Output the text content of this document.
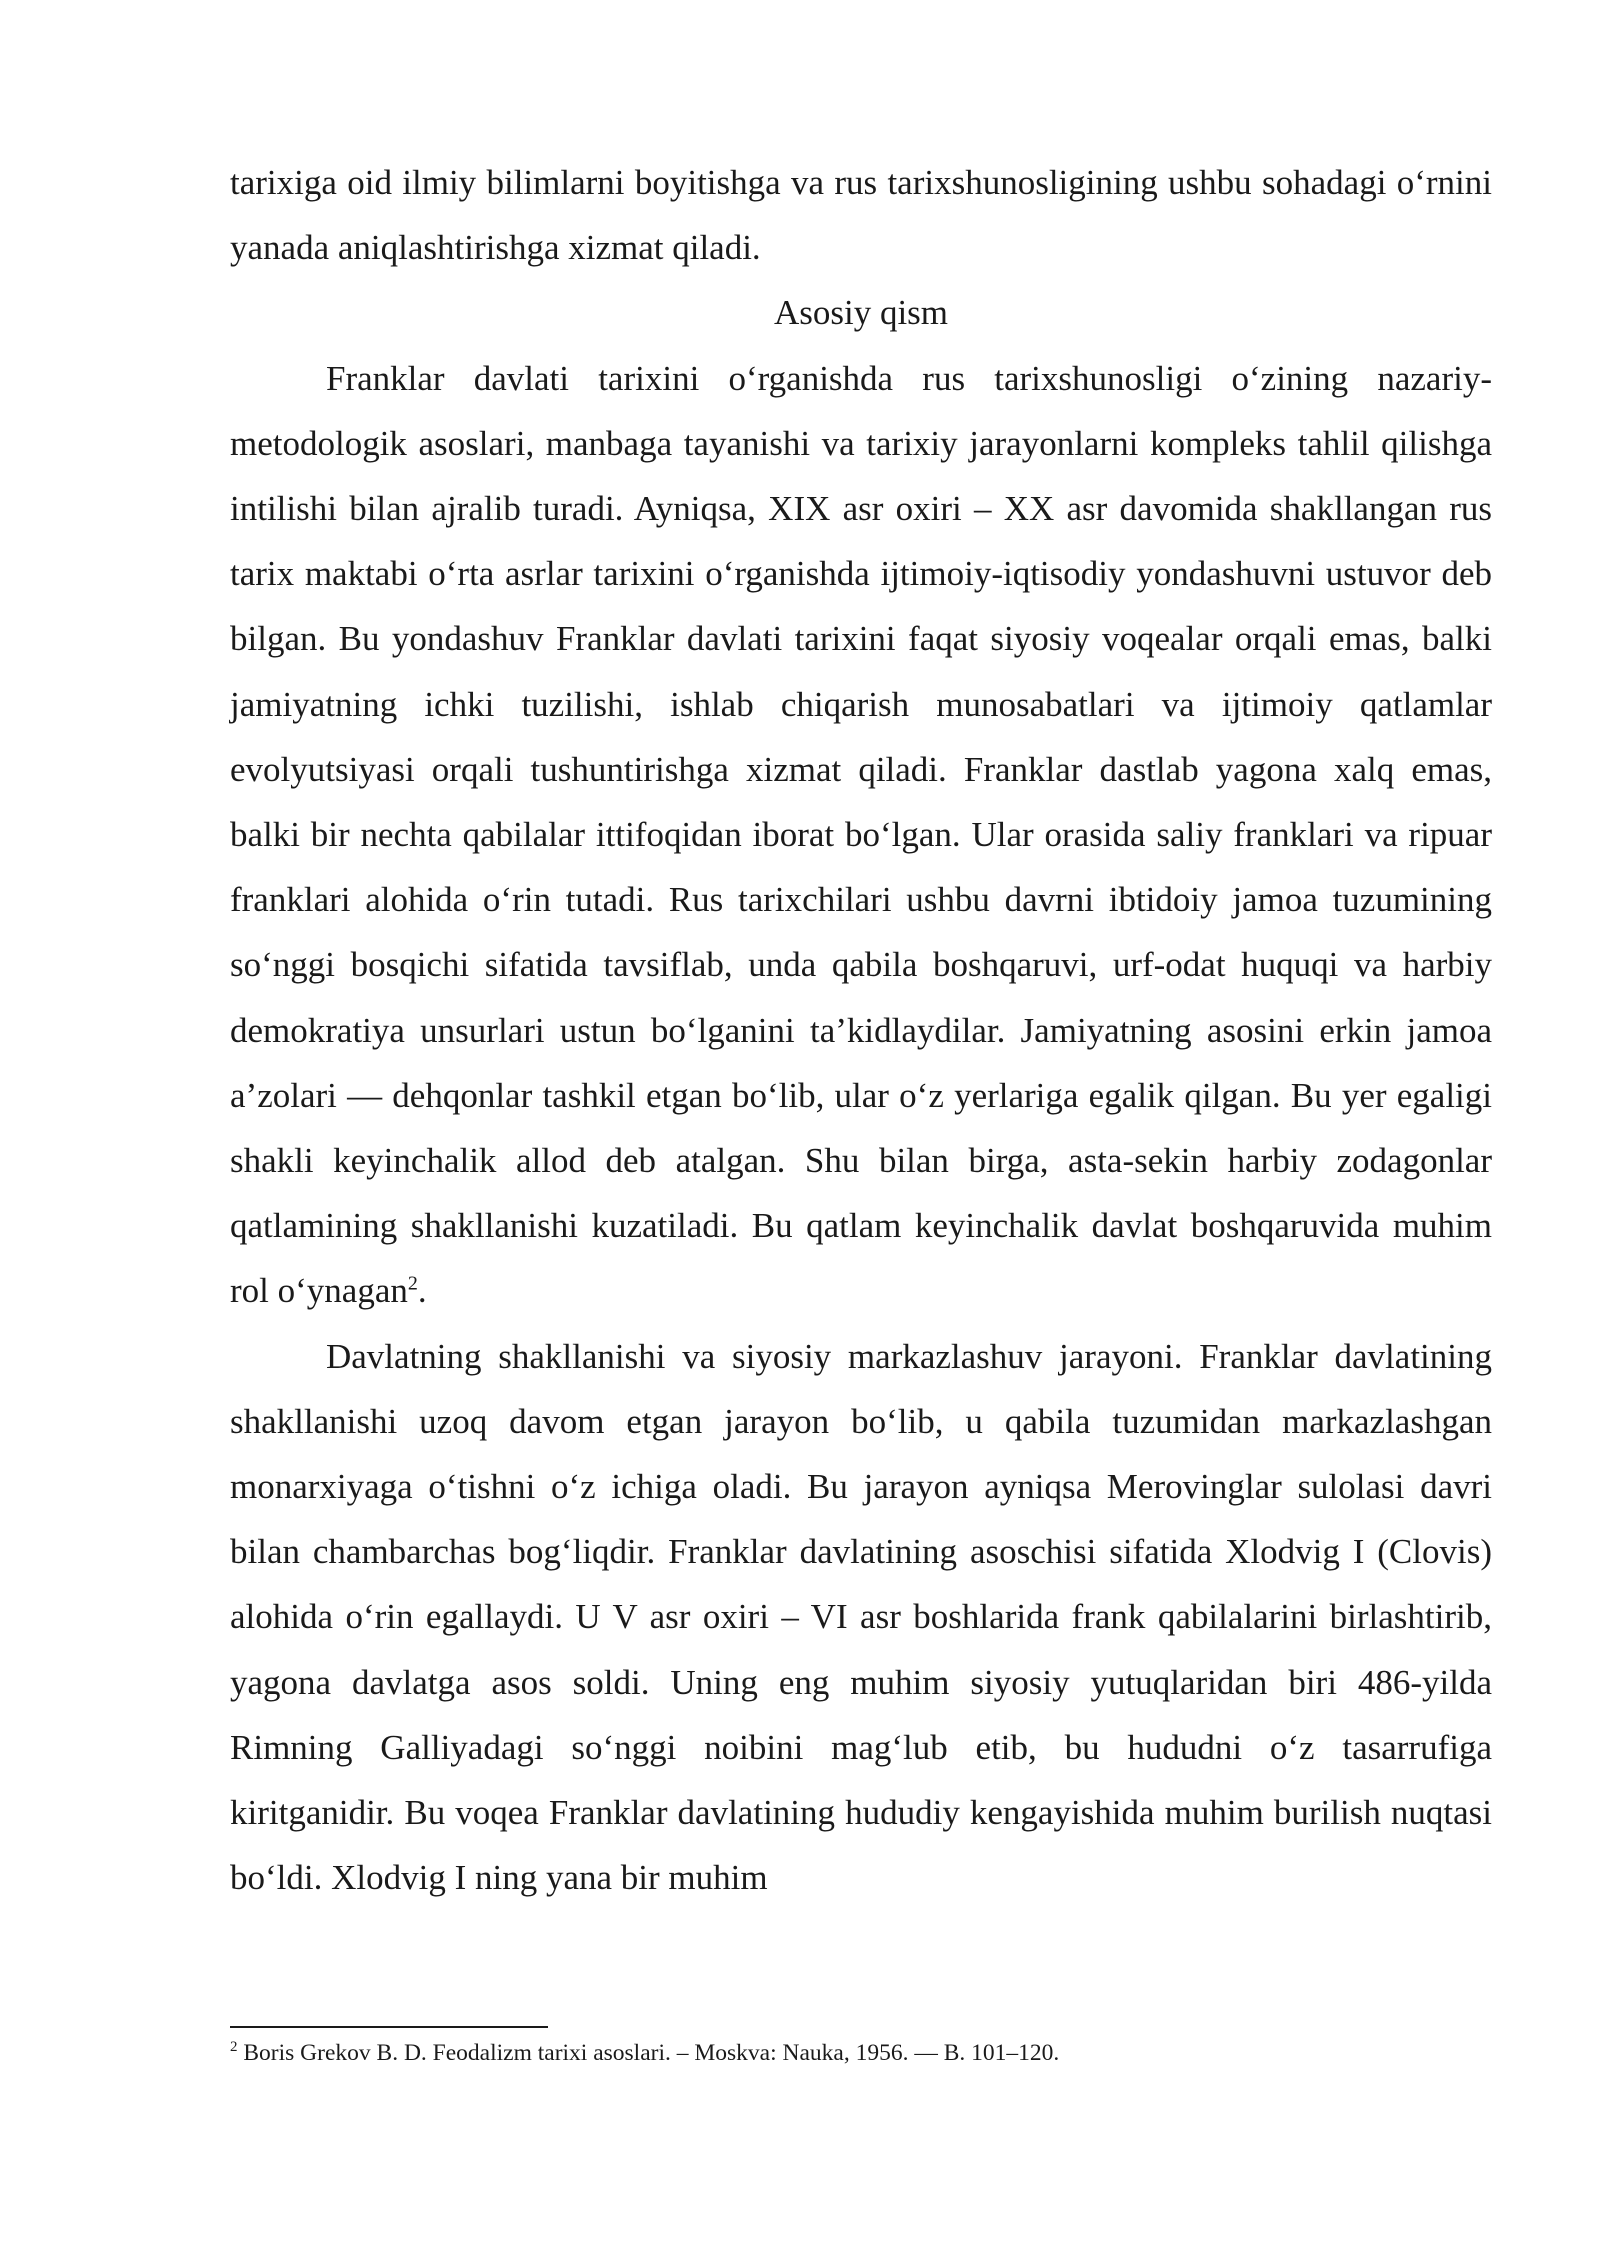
tarixiga oid ilmiy bilimlarni boyitishga va rus tarixshunosligining ushbu sohadagi o‘rnini yanada aniqlashtirishga xizmat qiladi.

Asosiy qism

Franklar davlati tarixini o‘rganishda rus tarixshunosligi o‘zining nazariy-metodologik asoslari, manbaga tayanishi va tarixiy jarayonlarni kompleks tahlil qilishga intilishi bilan ajralib turadi. Ayniqsa, XIX asr oxiri – XX asr davomida shakllangan rus tarix maktabi o‘rta asrlar tarixini o‘rganishda ijtimoiy-iqtisodiy yondashuvni ustuvor deb bilgan. Bu yondashuv Franklar davlati tarixini faqat siyosiy voqealar orqali emas, balki jamiyatning ichki tuzilishi, ishlab chiqarish munosabatlari va ijtimoiy qatlamlar evolyutsiyasi orqali tushuntirishga xizmat qiladi. Franklar dastlab yagona xalq emas, balki bir nechta qabilalar ittifoqidan iborat bo‘lgan. Ular orasida saliy franklari va ripuar franklari alohida o‘rin tutadi. Rus tarixchilari ushbu davrni ibtidoiy jamoa tuzumining so‘nggi bosqichi sifatida tavsiflab, unda qabila boshqaruvi, urf-odat huquqi va harbiy demokratiya unsurlari ustun bo‘lganini ta’kidlaydilar. Jamiyatning asosini erkin jamoa a’zolari — dehqonlar tashkil etgan bo‘lib, ular o‘z yerlariga egalik qilgan. Bu yer egaligi shakli keyinchalik allod deb atalgan. Shu bilan birga, asta-sekin harbiy zodagonlar qatlamining shakllanishi kuzatiladi. Bu qatlam keyinchalik davlat boshqaruvida muhim rol o‘ynagan$^2$.

Davlatning shakllanishi va siyosiy markazlashuv jarayoni. Franklar davlatining shakllanishi uzoq davom etgan jarayon bo‘lib, u qabila tuzumidan markazlashgan monarxiyaga o‘tishni o‘z ichiga oladi. Bu jarayon ayniqsa Merovinglar sulolasi davri bilan chambarchas bog‘liqdir. Franklar davlatining asoschisi sifatida Xlodvig I (Clovis) alohida o‘rin egallaydi. U V asr oxiri – VI asr boshlarida frank qabilalarini birlashtirib, yagona davlatga asos soldi. Uning eng muhim siyosiy yutuqlaridan biri 486-yilda Rimning Galliyadagi so‘nggi noibini mag‘lub etib, bu hududni o‘z tasarrufiga kiritganidir. Bu voqea Franklar davlatining hududiy kengayishida muhim burilish nuqtasi bo‘ldi. Xlodvig I ning yana bir muhim

$^2$ Boris Grekov B. D. Feodalizm tarixi asoslari. – Moskva: Nauka, 1956. — B. 101–120.
